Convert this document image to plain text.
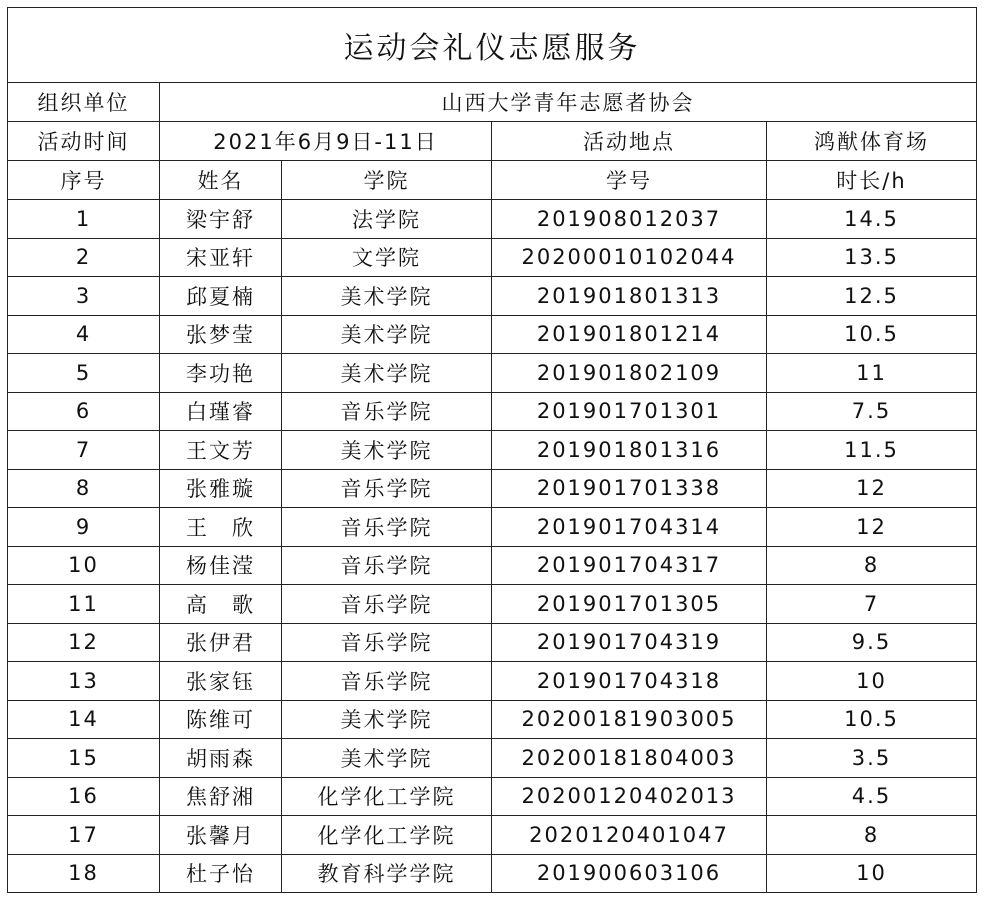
运动会礼仪志愿服务				
组织单位	山西大学青年志愿者协会			
活动时间	2021年6月9日-11日		活动地点	鸿猷体育场
序号	姓名	学院	学号	时长/h
1	梁宇舒	法学院	201908012037	14.5
2	宋亚轩	文学院	20200010102044	13.5
3	邱夏楠	美术学院	201901801313	12.5
4	张梦莹	美术学院	201901801214	10.5
5	李功艳	美术学院	201901802109	11
6	白瑾睿	音乐学院	201901701301	7.5
7	王文芳	美术学院	201901801316	11.5
8	张雅璇	音乐学院	201901701338	12
9	王　欣	音乐学院	201901704314	12
10	杨佳滢	音乐学院	201901704317	8
11	高　歌	音乐学院	201901701305	7
12	张伊君	音乐学院	201901704319	9.5
13	张家钰	音乐学院	201901704318	10
14	陈维可	美术学院	20200181903005	10.5
15	胡雨森	美术学院	20200181804003	3.5
16	焦舒湘	化学化工学院	20200120402013	4.5
17	张馨月	化学化工学院	2020120401047	8
18	杜子怡	教育科学学院	201900603106	10
